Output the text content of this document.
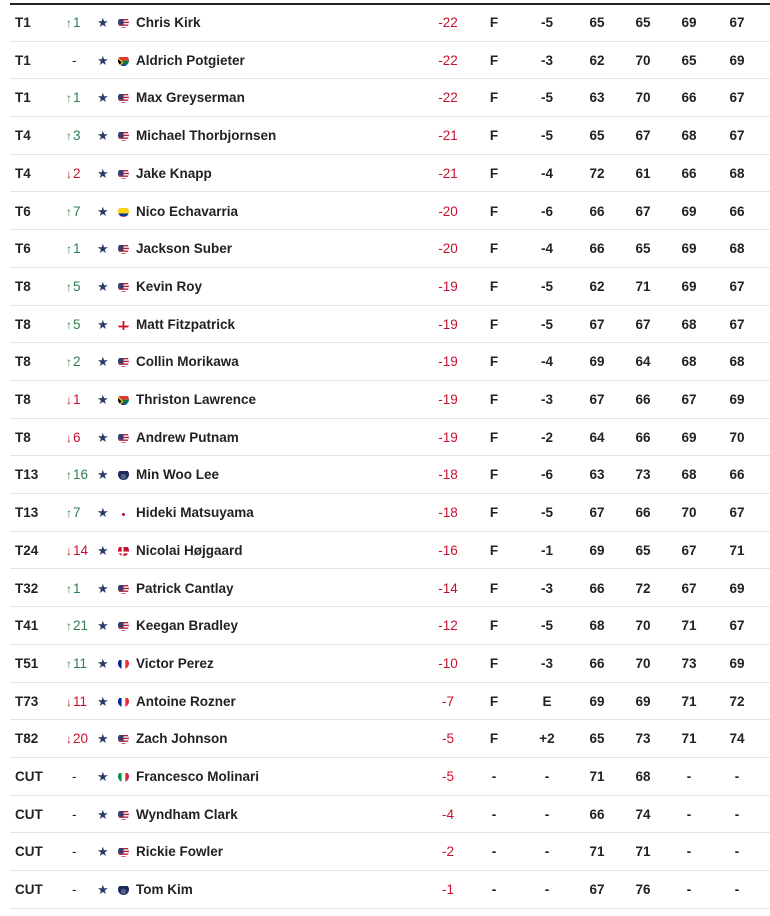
T1	↑1	★ Chris Kirk	-22	F	-5	65	65	69	67
T1	-	★ Aldrich Potgieter	-22	F	-3	62	70	65	69
T1	↑1	★ Max Greyserman	-22	F	-5	63	70	66	67
T4	↑3	★ Michael Thorbjornsen	-21	F	-5	65	67	68	67
T4	↓2	★ Jake Knapp	-21	F	-4	72	61	66	68
T6	↑7	★ Nico Echavarria	-20	F	-6	66	67	69	66
T6	↑1	★ Jackson Suber	-20	F	-4	66	65	69	68
T8	↑5	★ Kevin Roy	-19	F	-5	62	71	69	67
T8	↑5	★ Matt Fitzpatrick	-19	F	-5	67	67	68	67
T8	↑2	★ Collin Morikawa	-19	F	-4	69	64	68	68
T8	↓1	★ Thriston Lawrence	-19	F	-3	67	66	67	69
T8	↓6	★ Andrew Putnam	-19	F	-2	64	66	69	70
T13 ↑16 ★ Min Woo Lee	-18	F	-6	63	73	68	66
T13 ↑7	★ Hideki Matsuyama	-18	F	-5	67	66	70	67
T24 ↓14 ★ Nicolai Højgaard	-16	F	-1	69	65	67	71
T32 ↑1	★ Patrick Cantlay	-14	F	-3	66	72	67	69
T41 ↑21 ★ Keegan Bradley	-12	F	-5	68	70	71	67
T51 ↑11 ★ Victor Perez	-10	F	-3	66	70	73	69
T73 ↓11 ★ Antoine Rozner	-7	F	E	69	69	71	72
T82 ↓20 ★ Zach Johnson	-5	F	+2	65	73	71	74
CUT	-	★ Francesco Molinari	-5	-	-	71	68	-	-
CUT	-	★ Wyndham Clark	-4	-	-	66	74	-	-
CUT	-	★ Rickie Fowler	-2	-	-	71	71	-	-
CUT	-	★ Tom Kim	-1	-	-	67	76	-	-
